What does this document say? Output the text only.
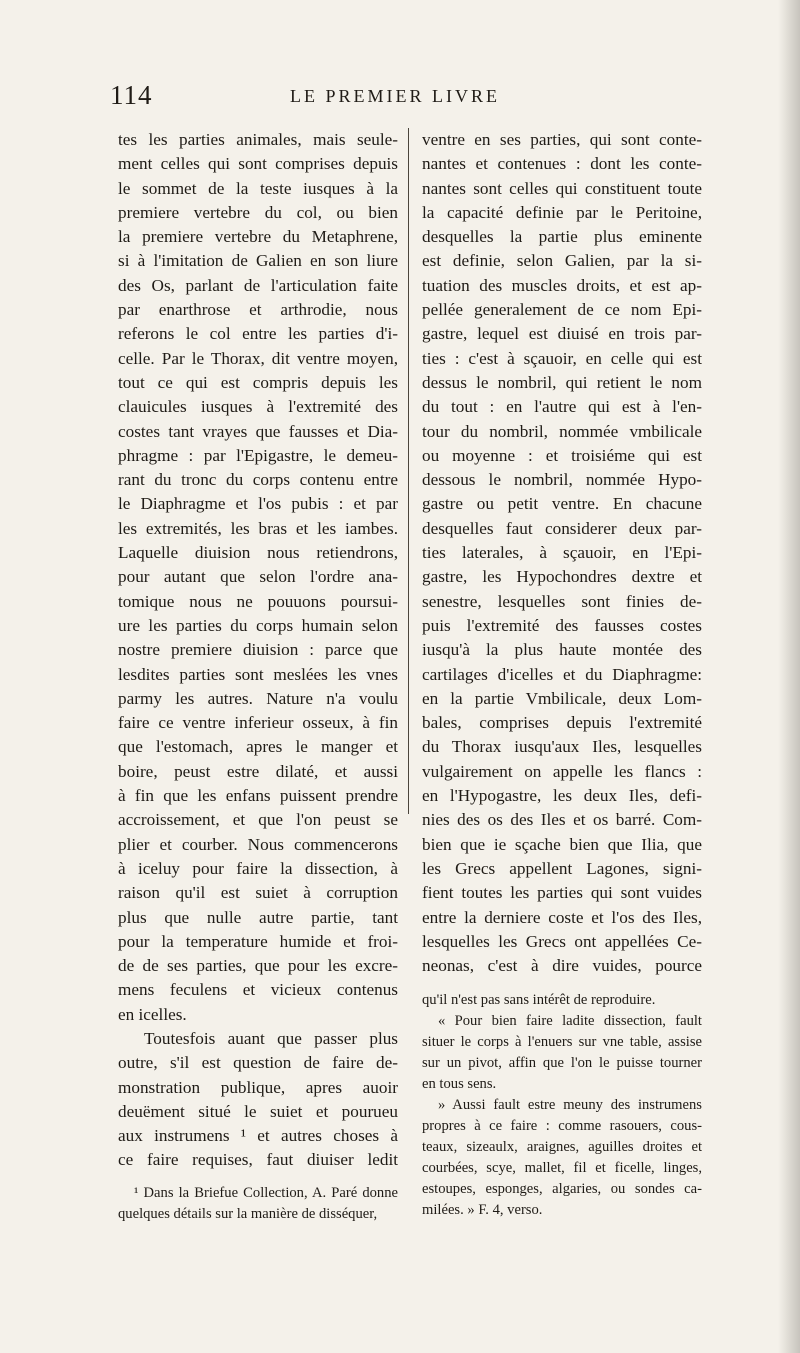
114	LE PREMIER LIVRE
tes les parties animales, mais seule-
ment celles qui sont comprises depuis
le sommet de la teste iusques à la
premiere vertebre du col, ou bien
la premiere vertebre du Metaphrene,
si à l'imitation de Galien en son liure
des Os, parlant de l'articulation faite
par enarthrose et arthrodie, nous
referons le col entre les parties d'i-
celle. Par le Thorax, dit ventre moyen,
tout ce qui est compris depuis les
clauicules iusques à l'extremité des
costes tant vrayes que fausses et Dia-
phragme : par l'Epigastre, le demeu-
rant du tronc du corps contenu entre
le Diaphragme et l'os pubis : et par
les extremités, les bras et les iambes.
Laquelle diuision nous retiendrons,
pour autant que selon l'ordre ana-
tomique nous ne pouuons poursui-
ure les parties du corps humain selon
nostre premiere diuision : parce que
lesdites parties sont meslées les vnes
parmy les autres. Nature n'a voulu
faire ce ventre inferieur osseux, à fin
que l'estomach, apres le manger et
boire, peust estre dilaté, et aussi
à fin que les enfans puissent prendre
accroissement, et que l'on peust se
plier et courber. Nous commencerons
à iceluy pour faire la dissection, à
raison qu'il est suiet à corruption
plus que nulle autre partie, tant
pour la temperature humide et froi-
de de ses parties, que pour les excre-
mens feculens et vicieux contenus
en icelles.
Toutesfois auant que passer plus
outre, s'il est question de faire de-
monstration publique, apres auoir
deuëment situé le suiet et pourueu
aux instrumens ¹ et autres choses à
ce faire requises, faut diuiser ledit
¹ Dans la Briefue Collection, A. Paré donne
quelques détails sur la manière de disséquer,
ventre en ses parties, qui sont conte-
nantes et contenues : dont les conte-
nantes sont celles qui constituent toute
la capacité definie par le Peritoine,
desquelles la partie plus eminente
est definie, selon Galien, par la si-
tuation des muscles droits, et est ap-
pellée generalement de ce nom Epi-
gastre, lequel est diuisé en trois par-
ties : c'est à sçauoir, en celle qui est
dessus le nombril, qui retient le nom
du tout : en l'autre qui est à l'en-
tour du nombril, nommée vmbilicale
ou moyenne : et troisiéme qui est
dessous le nombril, nommée Hypo-
gastre ou petit ventre. En chacune
desquelles faut considerer deux par-
ties laterales, à sçauoir, en l'Epi-
gastre, les Hypochondres dextre et
senestre, lesquelles sont finies de-
puis l'extremité des fausses costes
iusqu'à la plus haute montée des
cartilages d'icelles et du Diaphragme:
en la partie Vmbilicale, deux Lom-
bales, comprises depuis l'extremité
du Thorax iusqu'aux Iles, lesquelles
vulgairement on appelle les flancs :
en l'Hypogastre, les deux Iles, defi-
nies des os des Iles et os barré. Com-
bien que ie sçache bien que Ilia, que
les Grecs appellent Lagones, signi-
fient toutes les parties qui sont vuides
entre la derniere coste et l'os des Iles,
lesquelles les Grecs ont appellées Ce-
neonas, c'est à dire vuides, pource
qu'il n'est pas sans intérêt de reproduire.
« Pour bien faire ladite dissection, fault
situer le corps à l'enuers sur vne table, assise
sur un pivot, affin que l'on le puisse tourner
en tous sens.
» Aussi fault estre meuny des instrumens
propres à ce faire : comme rasouers, cous-
teaux, sizeaulx, araignes, aguilles droites et
courbées, scye, mallet, fil et ficelle, linges,
estoupes, esponges, algaries, ou sondes ca-
milées. » F. 4, verso.
